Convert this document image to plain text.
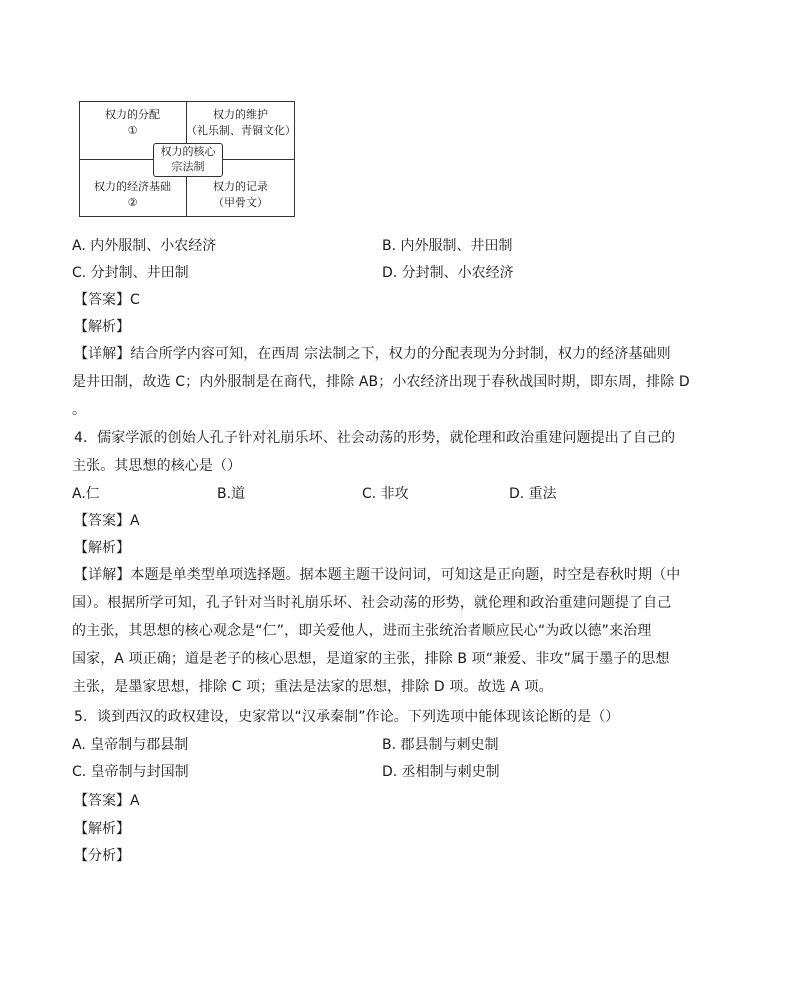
权力的分配
①
权力的维护
（礼乐制、青铜文化）
权力的经济基础
②
权力的记录
（甲骨文）
权力的核心
宗法制
A. 内外服制、小农经济	B. 内外服制、井田制
C. 分封制、井田制	D. 分封制、小农经济
【答案】C
【解析】
【详解】结合所学内容可知，在西周 宗法制之下，权力的分配表现为分封制，权力的经济基础则
是井田制，故选 C；内外服制是在商代，排除 AB；小农经济出现于春秋战国时期，即东周，排除 D
。
4．儒家学派的创始人孔子针对礼崩乐坏、社会动荡的形势，就伦理和政治重建问题提出了自己的
主张。其思想的核心是（）
A.仁	B.道	C. 非攻	D. 重法
【答案】A
【解析】
【详解】本题是单类型单项选择题。据本题主题干设问词，可知这是正向题，时空是春秋时期（中
国）。根据所学可知，孔子针对当时礼崩乐坏、社会动荡的形势，就伦理和政治重建问题提了自己
的主张，其思想的核心观念是“仁”，即关爱他人，进而主张统治者顺应民心“为政以德”来治理
国家，A 项正确；道是老子的核心思想，是道家的主张，排除 B 项“兼爱、非攻”属于墨子的思想
主张，是墨家思想，排除 C 项；重法是法家的思想，排除 D 项。故选 A 项。
5．谈到西汉的政权建设，史家常以“汉承秦制”作论。下列选项中能体现该论断的是（）
A. 皇帝制与郡县制	B. 郡县制与刺史制
C. 皇帝制与封国制	D. 丞相制与刺史制
【答案】A
【解析】
【分析】
